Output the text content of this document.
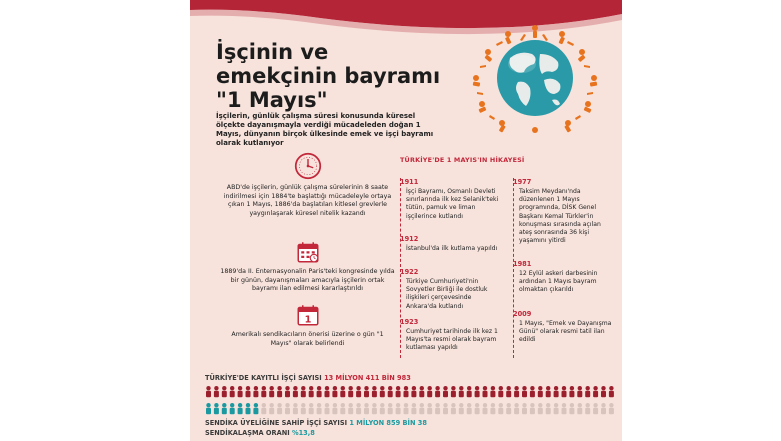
İşçinin ve
emekçinin bayramı
"1 Mayıs"

İşçilerin, günlük çalışma süresi konusunda küresel ölçekte dayanışmayla verdiği mücadeleden doğan 1 Mayıs, dünyanın birçok ülkesinde emek ve işçi bayramı olarak kutlanıyor

ABD'de işçilerin, günlük çalışma sürelerinin 8 saate indirilmesi için 1884'te başlattığı mücadeleyle ortaya çıkan 1 Mayıs, 1886'da başlatılan kitlesel grevlerle yaygınlaşarak küresel nitelik kazandı

1889'da II. Enternasyonalin Paris'teki kongresinde yılda bir günün, dayanışmaları amacıyla işçilerin ortak bayramı ilan edilmesi kararlaştırıldı

1

Amerikalı sendikacıların önerisi üzerine o gün "1 Mayıs" olarak belirlendi

TÜRKİYE'DE 1 MAYIS'IN HİKAYESİ
1911
İşçi Bayramı, Osmanlı Devleti sınırlarında ilk kez Selanik'teki tütün, pamuk ve liman işçilerince kutlandı
1912
İstanbul'da ilk kutlama yapıldı
1922
Türkiye Cumhuriyeti'nin Sovyetler Birliği ile dostluk ilişkileri çerçevesinde Ankara'da kutlandı
1923
Cumhuriyet tarihinde ilk kez 1 Mayıs'ta resmi olarak bayram kutlaması yapıldı
1977
Taksim Meydanı'nda düzenlenen 1 Mayıs programında, DİSK Genel Başkanı Kemal Türkler'in konuşması sırasında açılan ateş sonrasında 36 kişi yaşamını yitirdi
1981
12 Eylül askeri darbesinin ardından 1 Mayıs bayram olmaktan çıkarıldı
2009
1 Mayıs, "Emek ve Dayanışma Günü" olarak resmi tatil ilan edildi
TÜRKİYE'DE KAYITLI İŞÇİ SAYISI 13 MİLYON 411 BİN 983
SENDİKA ÜYELİĞİNE SAHİP İŞÇİ SAYISI 1 MİLYON 859 BİN 38
SENDİKALAŞMA ORANI %13,8
